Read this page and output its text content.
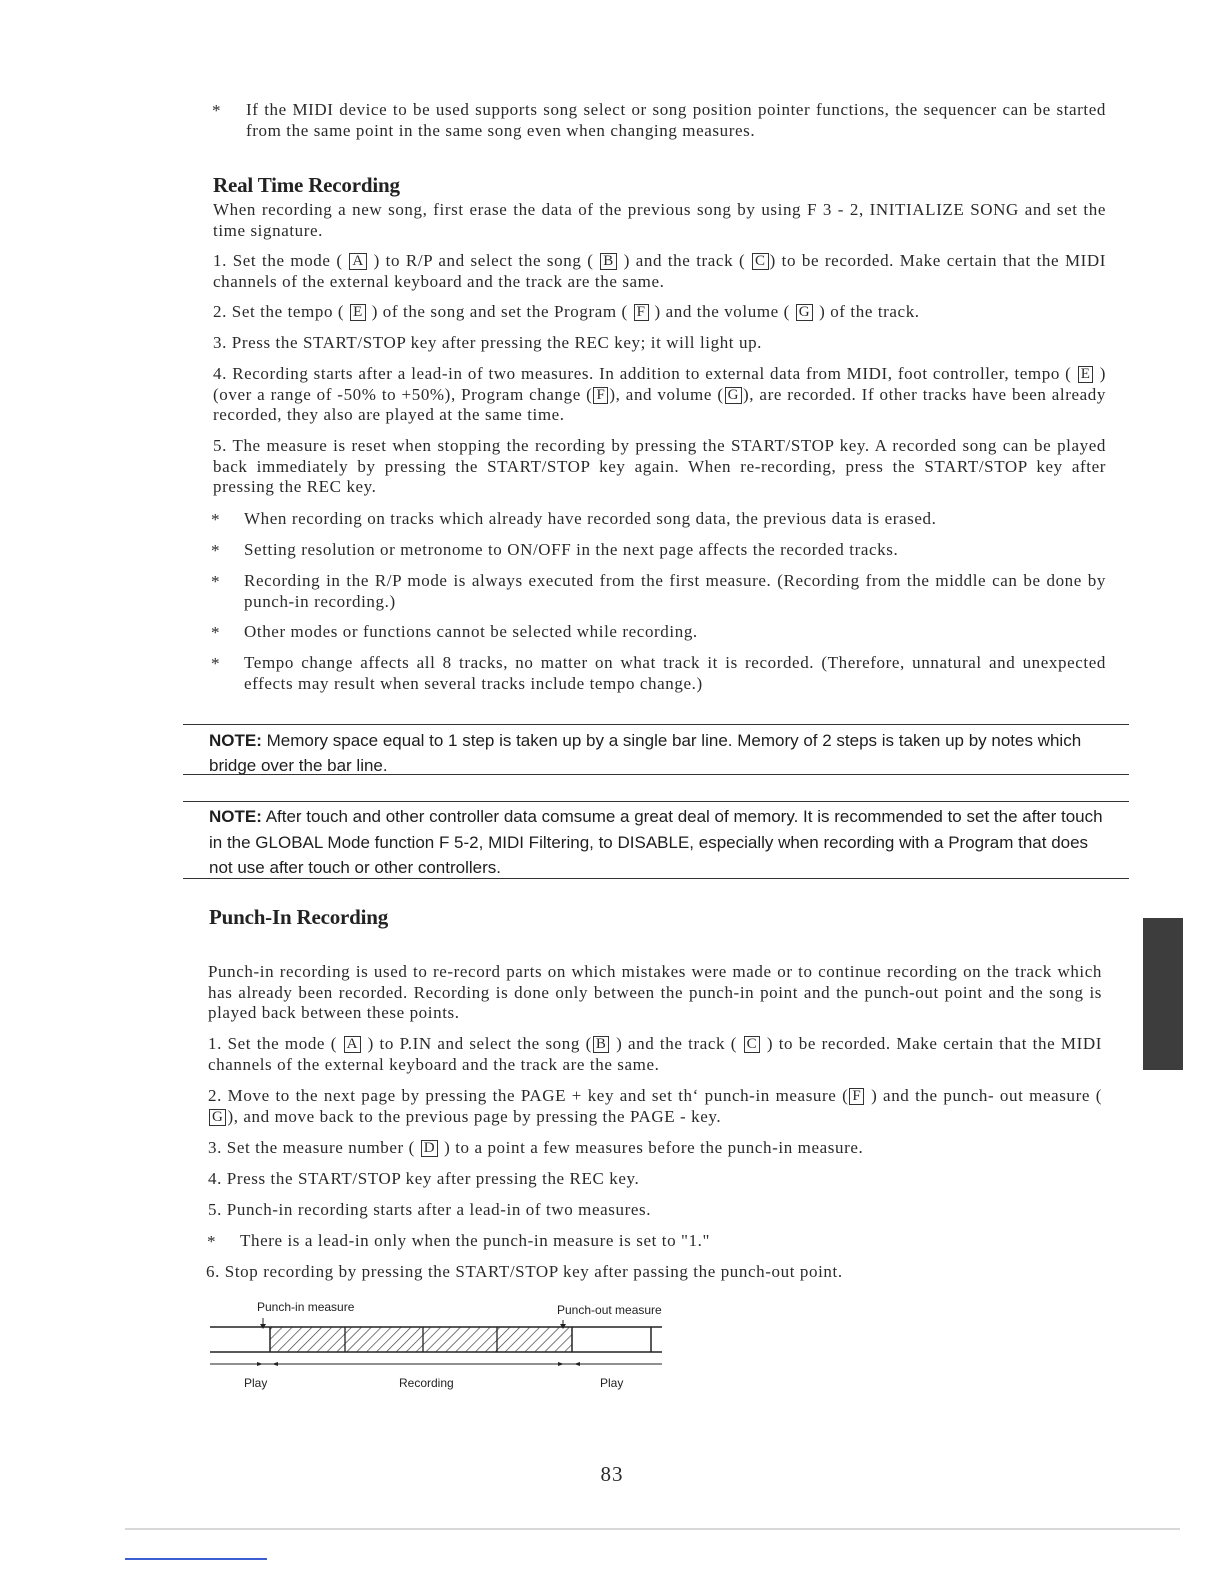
* If the MIDI device to be used supports song select or song position pointer functions, the sequencer can be started from the same point in the same song even when changing measures.
Real Time Recording
When recording a new song, first erase the data of the previous song by using F 3 - 2, INITIALIZE SONG and set the time signature.
1. Set the mode ( A ) to R/P and select the song ( B ) and the track ( C ) to be recorded. Make certain that the MIDI channels of the external keyboard and the track are the same.
2. Set the tempo ( E ) of the song and set the Program ( F ) and the volume ( G ) of the track.
3. Press the START/STOP key after pressing the REC key; it will light up.
4. Recording starts after a lead-in of two measures. In addition to external data from MIDI, foot controller, tempo ( E ) (over a range of -50% to +50%), Program change ( F ), and volume ( G ), are recorded. If other tracks have been already recorded, they also are played at the same time.
5. The measure is reset when stopping the recording by pressing the START/STOP key. A recorded song can be played back immediately by pressing the START/STOP key again. When re-recording, press the START/STOP key after pressing the REC key.
* When recording on tracks which already have recorded song data, the previous data is erased.
* Setting resolution or metronome to ON/OFF in the next page affects the recorded tracks.
* Recording in the R/P mode is always executed from the first measure. (Recording from the middle can be done by punch-in recording.)
* Other modes or functions cannot be selected while recording.
* Tempo change affects all 8 tracks, no matter on what track it is recorded. (Therefore, unnatural and unexpected effects may result when several tracks include tempo change.)
NOTE: Memory space equal to 1 step is taken up by a single bar line. Memory of 2 steps is taken up by notes which bridge over the bar line.
NOTE: After touch and other controller data comsume a great deal of memory. It is recommended to set the after touch in the GLOBAL Mode function F 5-2, MIDI Filtering, to DISABLE, especially when recording with a Program that does not use after touch or other controllers.
Punch-In Recording
Punch-in recording is used to re-record parts on which mistakes were made or to continue recording on the track which has already been recorded. Recording is done only between the punch-in point and the punch-out point and the song is played back between these points.
1. Set the mode ( A ) to P.IN and select the song ( B ) and the track ( C ) to be recorded. Make certain that the MIDI channels of the external keyboard and the track are the same.
2. Move to the next page by pressing the PAGE + key and set th‘ punch-in measure ( F ) and the punch- out measure ( G ), and move back to the previous page by pressing the PAGE - key.
3. Set the measure number ( D ) to a point a few measures before the punch-in measure.
4. Press the START/STOP key after pressing the REC key.
5. Punch-in recording starts after a lead-in of two measures.
* There is a lead-in only when the punch-in measure is set to "1."
6. Stop recording by pressing the START/STOP key after passing the punch-out point.
Punch-in measure	Punch-out measure
Play	Recording	Play
83
